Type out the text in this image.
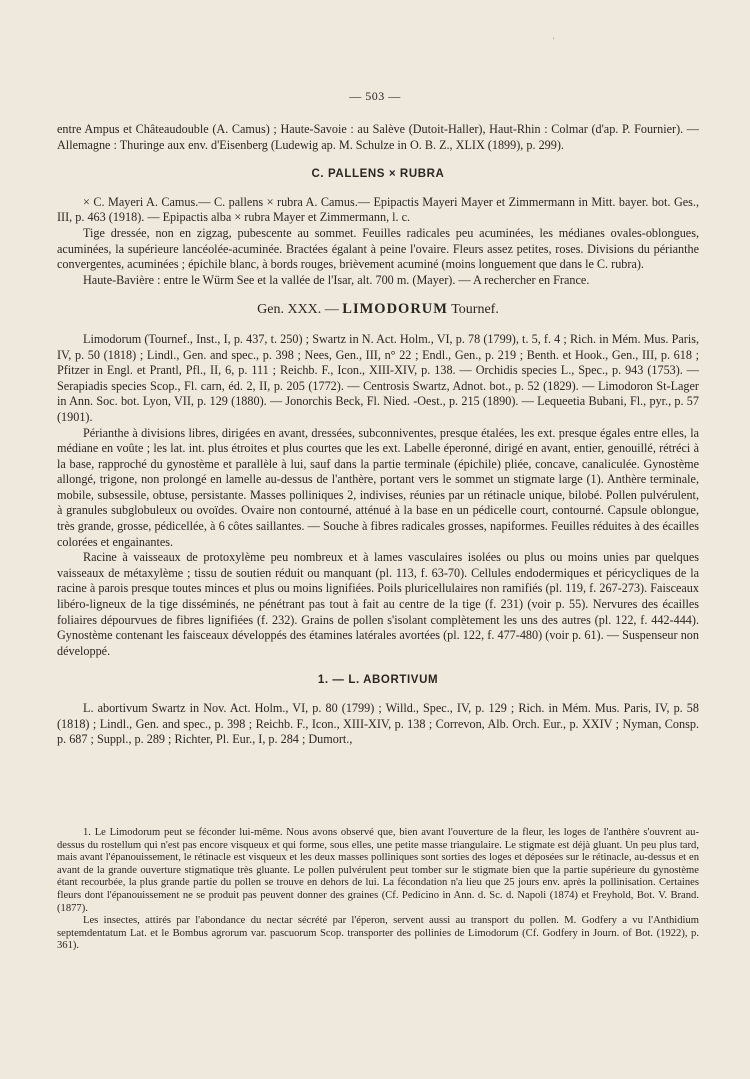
'
— 503 —

entre Ampus et Châteaudouble (A. Camus) ; Haute-Savoie : au Salève (Dutoit-Haller), Haut-Rhin : Colmar (d'ap. P. Fournier). — Allemagne : Thuringe aux env. d'Eisenberg (Ludewig ap. M. Schulze in O. B. Z., XLIX (1899), p. 299).

C. PALLENS × RUBRA

× C. Mayeri A. Camus.— C. pallens × rubra A. Camus.— Epipactis Mayeri Mayer et Zimmermann in Mitt. bayer. bot. Ges., III, p. 463 (1918). — Epipactis alba × rubra Mayer et Zimmermann, l. c.

Tige dressée, non en zigzag, pubescente au sommet. Feuilles radicales peu acuminées, les médianes ovales-oblongues, acuminées, la supérieure lancéolée-acuminée. Bractées égalant à peine l'ovaire. Fleurs assez petites, roses. Divisions du périanthe convergentes, acuminées ; épichile blanc, à bords rouges, brièvement acuminé (moins longuement que dans le C. rubra).

Haute-Bavière : entre le Würm See et la vallée de l'Isar, alt. 700 m. (Mayer). — A rechercher en France.

Gen. XXX. — LIMODORUM Tournef.

Limodorum (Tournef., Inst., I, p. 437, t. 250) ; Swartz in N. Act. Holm., VI, p. 78 (1799), t. 5, f. 4 ; Rich. in Mém. Mus. Paris, IV, p. 50 (1818) ; Lindl., Gen. and spec., p. 398 ; Nees, Gen., III, n° 22 ; Endl., Gen., p. 219 ; Benth. et Hook., Gen., III, p. 618 ; Pfitzer in Engl. et Prantl, Pfl., II, 6, p. 111 ; Reichb. F., Icon., XIII-XIV, p. 138. — Orchidis species L., Spec., p. 943 (1753). — Serapiadis species Scop., Fl. carn, éd. 2, II, p. 205 (1772). — Centrosis Swartz, Adnot. bot., p. 52 (1829). — Limodoron St-Lager in Ann. Soc. bot. Lyon, VII, p. 129 (1880). — Jonorchis Beck, Fl. Nied. -Oest., p. 215 (1890). — Lequeetia Bubani, Fl., pyr., p. 57 (1901).

Périanthe à divisions libres, dirigées en avant, dressées, subconniventes, presque étalées, les ext. presque égales entre elles, la médiane en voûte ; les lat. int. plus étroites et plus courtes que les ext. Labelle éperonné, dirigé en avant, entier, genouillé, rétréci à la base, rapproché du gynostème et parallèle à lui, sauf dans la partie terminale (épichile) pliée, concave, canaliculée. Gynostème allongé, trigone, non prolongé en lamelle au-dessus de l'anthère, portant vers le sommet un stigmate large (1). Anthère terminale, mobile, subsessile, obtuse, persistante. Masses polliniques 2, indivises, réunies par un rétinacle unique, bilobé. Pollen pulvérulent, à granules subglobuleux ou ovoïdes. Ovaire non contourné, atténué à la base en un pédicelle court, contourné. Capsule oblongue, très grande, grosse, pédicellée, à 6 côtes saillantes. — Souche à fibres radicales grosses, napiformes. Feuilles réduites à des écailles colorées et engainantes.

Racine à vaisseaux de protoxylème peu nombreux et à lames vasculaires isolées ou plus ou moins unies par quelques vaisseaux de métaxylème ; tissu de soutien réduit ou manquant (pl. 113, f. 63-70). Cellules endodermiques et péricycliques de la racine à parois presque toutes minces et plus ou moins lignifiées. Poils pluricellulaires non ramifiés (pl. 119, f. 267-273). Faisceaux libéro-ligneux de la tige disséminés, ne pénétrant pas tout à fait au centre de la tige (f. 231) (voir p. 55). Nervures des écailles foliaires dépourvues de fibres lignifiées (f. 232). Grains de pollen s'isolant complètement les uns des autres (pl. 122, f. 442-444). Gynostème contenant les faisceaux développés des étamines latérales avortées (pl. 122, f. 477-480) (voir p. 61). — Suspenseur non développé.

1. — L. ABORTIVUM

L. abortivum Swartz in Nov. Act. Holm., VI, p. 80 (1799) ; Willd., Spec., IV, p. 129 ; Rich. in Mém. Mus. Paris, IV, p. 58 (1818) ; Lindl., Gen. and spec., p. 398 ; Reichb. F., Icon., XIII-XIV, p. 138 ; Correvon, Alb. Orch. Eur., p. XXIV ; Nyman, Consp. p. 687 ; Suppl., p. 289 ; Richter, Pl. Eur., I, p. 284 ; Dumort.,

1. Le Limodorum peut se féconder lui-même. Nous avons observé que, bien avant l'ouverture de la fleur, les loges de l'anthère s'ouvrent au-dessus du rostellum qui n'est pas encore visqueux et qui forme, sous elles, une petite masse triangulaire. Le stigmate est déjà gluant. Un peu plus tard, mais avant l'épanouissement, le rétinacle est visqueux et les deux masses polliniques sont sorties des loges et déposées sur le rétinacle, au-dessus et en avant de la grande ouverture stigmatique très gluante. Le pollen pulvérulent peut tomber sur le stigmate bien que la partie supérieure du gynostème étant recourbée, la plus grande partie du pollen se trouve en dehors de lui. La fécondation n'a lieu que 25 jours env. après la pollinisation. Certaines fleurs dont l'épanouissement ne se produit pas peuvent donner des graines (Cf. Pedicino in Ann. d. Sc. d. Napoli (1874) et Freyhold, Bot. V. Brand. (1877).

Les insectes, attirés par l'abondance du nectar sécrété par l'éperon, servent aussi au transport du pollen. M. Godfery a vu l'Anthidium septemdentatum Lat. et le Bombus agrorum var. pascuorum Scop. transporter des pollinies de Limodorum (Cf. Godfery in Journ. of Bot. (1922), p. 361).
